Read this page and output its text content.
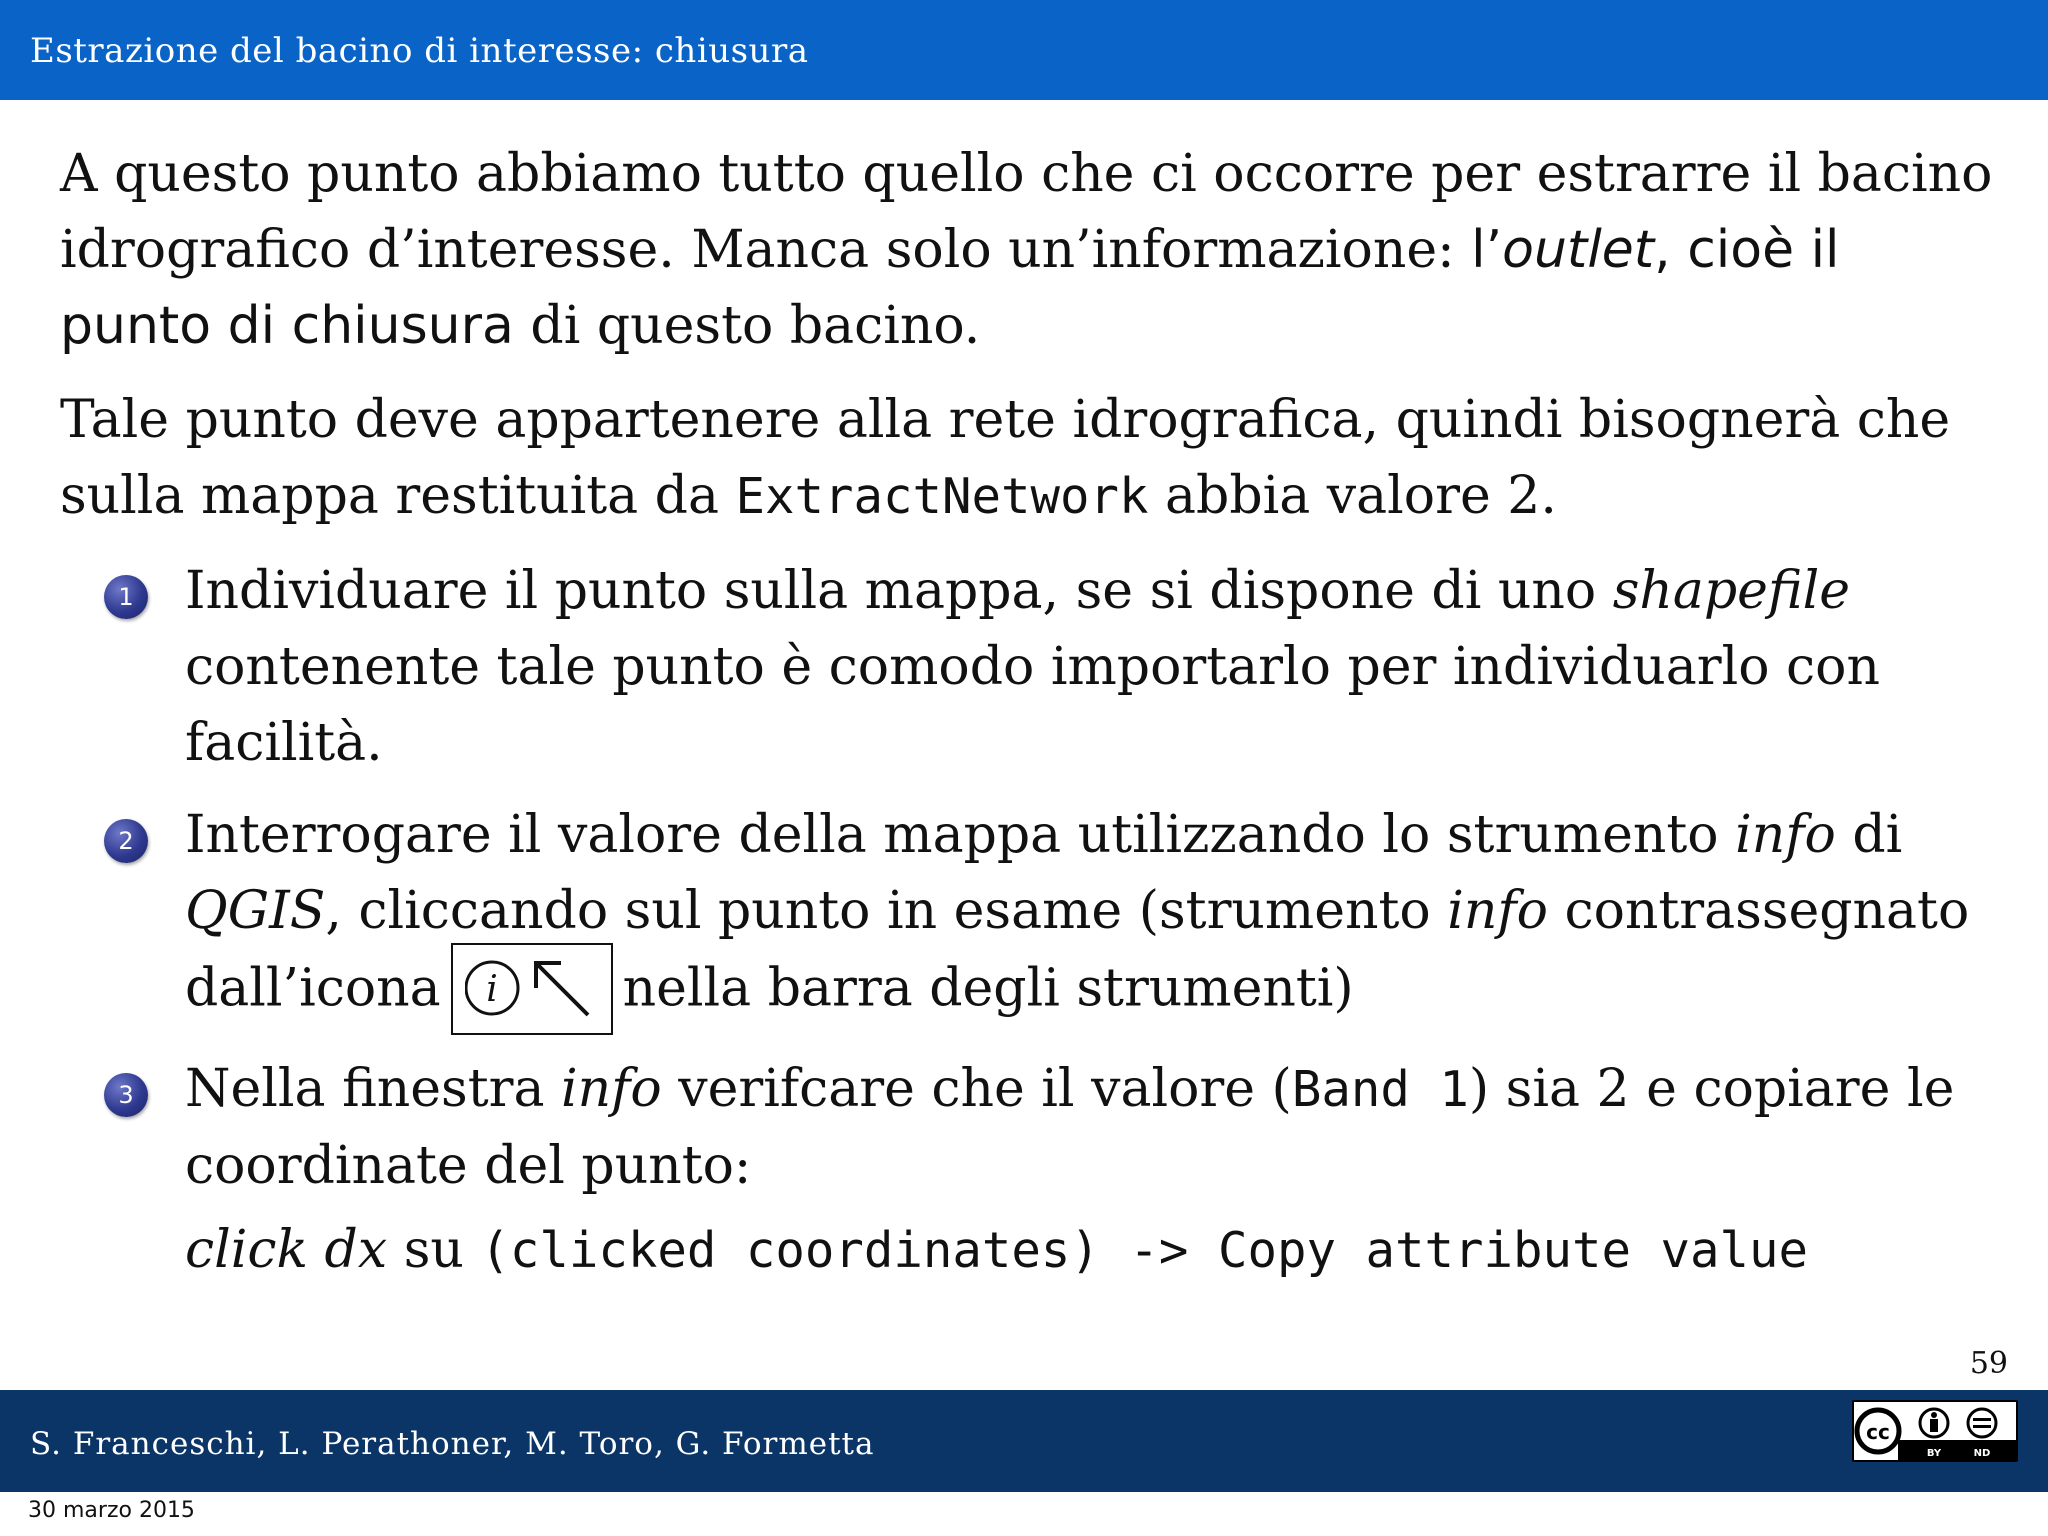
Estrazione del bacino di interesse: chiusura

A questo punto abbiamo tutto quello che ci occorre per estrarre il bacino idrografico d’interesse. Manca solo un’informazione: l’outlet, cioè il punto di chiusura di questo bacino.

Tale punto deve appartenere alla rete idrografica, quindi bisognerà che sulla mappa restituita da ExtractNetwork abbia valore 2.

1 Individuare il punto sulla mappa, se si dispone di uno shapefile contenente tale punto è comodo importarlo per individuarlo con facilità.
2 Interrogare il valore della mappa utilizzando lo strumento info di QGIS, cliccando sul punto in esame (strumento info contrassegnato dall’icona i nella barra degli strumenti)
3 Nella finestra info verifcare che il valore (Band 1) sia 2 e copiare le coordinate del punto:
click dx su (clicked coordinates) -> Copy attribute value
59
S. Franceschi, L. Perathoner, M. Toro, G. Formetta	cc
BY	ND
30 marzo 2015
